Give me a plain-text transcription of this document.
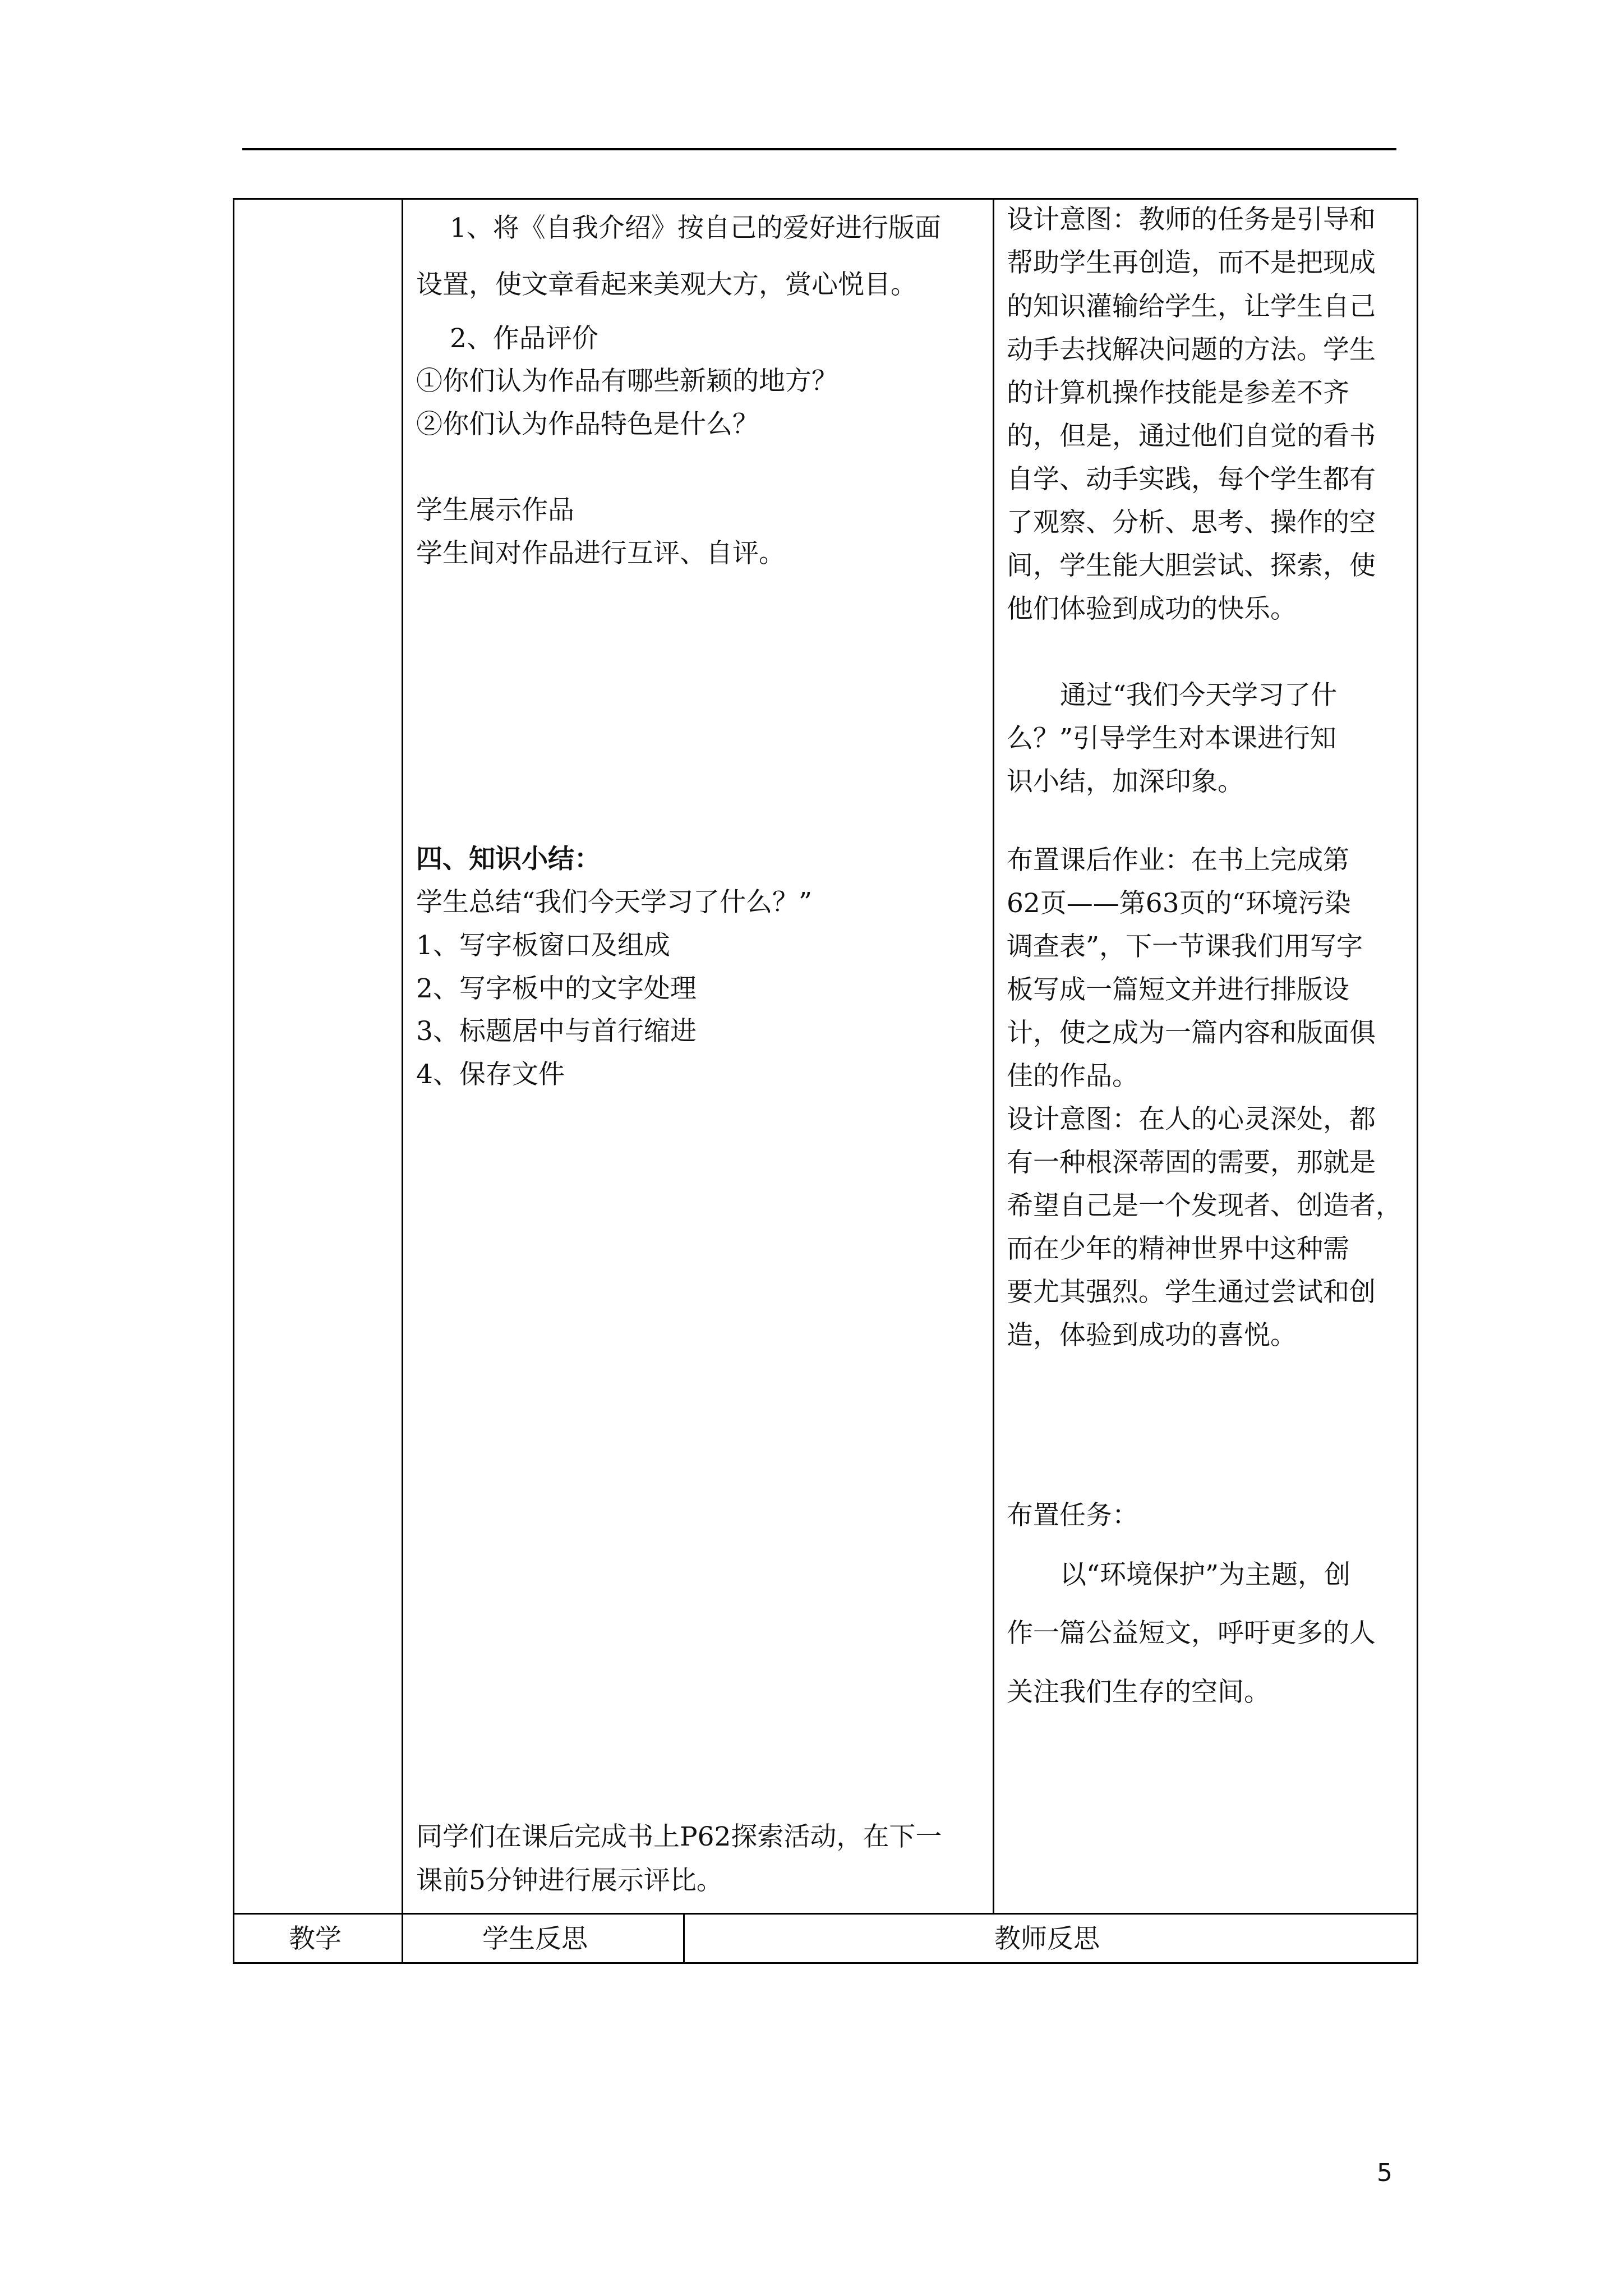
1、将《自我介绍》按自己的爱好进行版面
设置，使文章看起来美观大方，赏心悦目。
2、作品评价
①你们认为作品有哪些新颖的地方？
②你们认为作品特色是什么？
学生展示作品
学生间对作品进行互评、自评。
四、知识小结：
学生总结“我们今天学习了什么？”
1、写字板窗口及组成
2、写字板中的文字处理
3、标题居中与首行缩进
4、保存文件
同学们在课后完成书上P62探索活动，在下一
课前5分钟进行展示评比。
设计意图：教师的任务是引导和
帮助学生再创造，而不是把现成
的知识灌输给学生，让学生自己
动手去找解决问题的方法。学生
的计算机操作技能是参差不齐
的，但是，通过他们自觉的看书
自学、动手实践，每个学生都有
了观察、分析、思考、操作的空
间，学生能大胆尝试、探索，使
他们体验到成功的快乐。
通过“我们今天学习了什
么？”引导学生对本课进行知
识小结，加深印象。
布置课后作业：在书上完成第
62页——第63页的“环境污染
调查表”，下一节课我们用写字
板写成一篇短文并进行排版设
计，使之成为一篇内容和版面俱
佳的作品。
设计意图：在人的心灵深处，都
有一种根深蒂固的需要，那就是
希望自己是一个发现者、创造者，
而在少年的精神世界中这种需
要尤其强烈。学生通过尝试和创
造，体验到成功的喜悦。
布置任务：
以“环境保护”为主题，创
作一篇公益短文，呼吁更多的人
关注我们生存的空间。
教学	学生反思	教师反思
5
